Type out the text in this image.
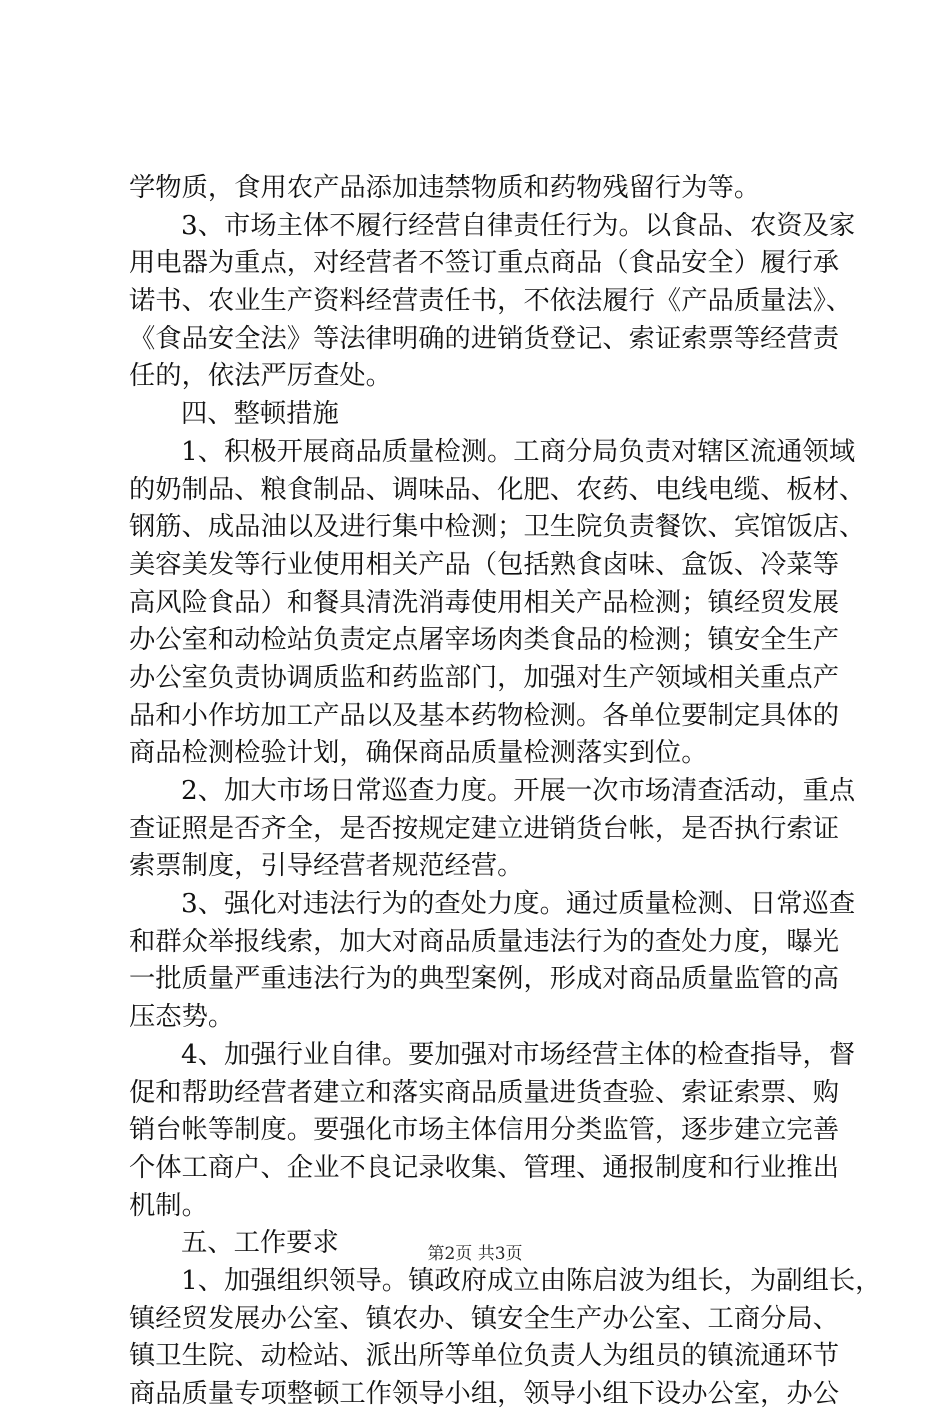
学物质，食用农产品添加违禁物质和药物残留行为等。
3、市场主体不履行经营自律责任行为。以食品、农资及家
用电器为重点，对经营者不签订重点商品（食品安全）履行承
诺书、农业生产资料经营责任书，不依法履行《产品质量法》、
《食品安全法》等法律明确的进销货登记、索证索票等经营责
任的，依法严厉查处。
四、整顿措施
1、积极开展商品质量检测。工商分局负责对辖区流通领域
的奶制品、粮食制品、调味品、化肥、农药、电线电缆、板材、
钢筋、成品油以及进行集中检测；卫生院负责餐饮、宾馆饭店、
美容美发等行业使用相关产品（包括熟食卤味、盒饭、冷菜等
高风险食品）和餐具清洗消毒使用相关产品检测；镇经贸发展
办公室和动检站负责定点屠宰场肉类食品的检测；镇安全生产
办公室负责协调质监和药监部门，加强对生产领域相关重点产
品和小作坊加工产品以及基本药物检测。各单位要制定具体的
商品检测检验计划，确保商品质量检测落实到位。
2、加大市场日常巡查力度。开展一次市场清查活动，重点
查证照是否齐全，是否按规定建立进销货台帐，是否执行索证
索票制度，引导经营者规范经营。
3、强化对违法行为的查处力度。通过质量检测、日常巡查
和群众举报线索，加大对商品质量违法行为的查处力度，曝光
一批质量严重违法行为的典型案例，形成对商品质量监管的高
压态势。
4、加强行业自律。要加强对市场经营主体的检查指导，督
促和帮助经营者建立和落实商品质量进货查验、索证索票、购
销台帐等制度。要强化市场主体信用分类监管，逐步建立完善
个体工商户、企业不良记录收集、管理、通报制度和行业推出
机制。
五、工作要求
1、加强组织领导。镇政府成立由陈启波为组长，为副组长，
镇经贸发展办公室、镇农办、镇安全生产办公室、工商分局、
镇卫生院、动检站、派出所等单位负责人为组员的镇流通环节
商品质量专项整顿工作领导小组，领导小组下设办公室，办公
第2页 共3页
